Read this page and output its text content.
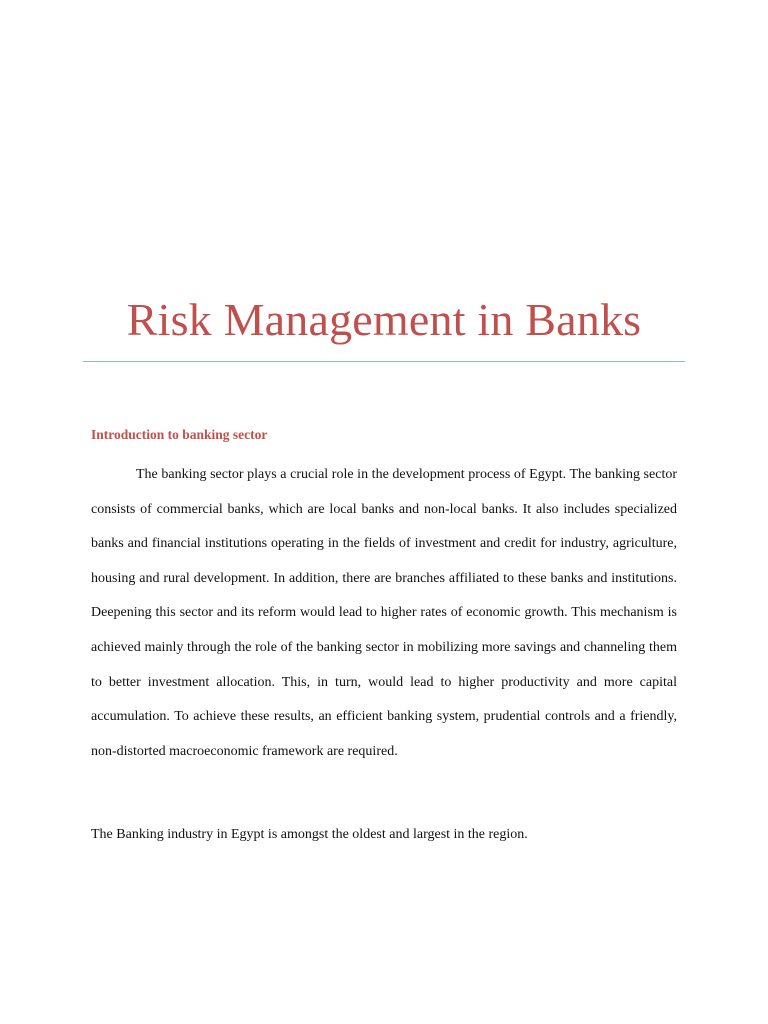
Risk Management in Banks
Introduction to banking sector

The banking sector plays a crucial role in the development process of Egypt. The banking sector consists of commercial banks, which are local banks and non-local banks. It also includes specialized banks and financial institutions operating in the fields of investment and credit for industry, agriculture, housing and rural development. In addition, there are branches affiliated to these banks and institutions. Deepening this sector and its reform would lead to higher rates of economic growth. This mechanism is achieved mainly through the role of the banking sector in mobilizing more savings and channeling them to better investment allocation. This, in turn, would lead to higher productivity and more capital accumulation. To achieve these results, an efficient banking system, prudential controls and a friendly, non-distorted macroeconomic framework are required.

The Banking industry in Egypt is amongst the oldest and largest in the region.
